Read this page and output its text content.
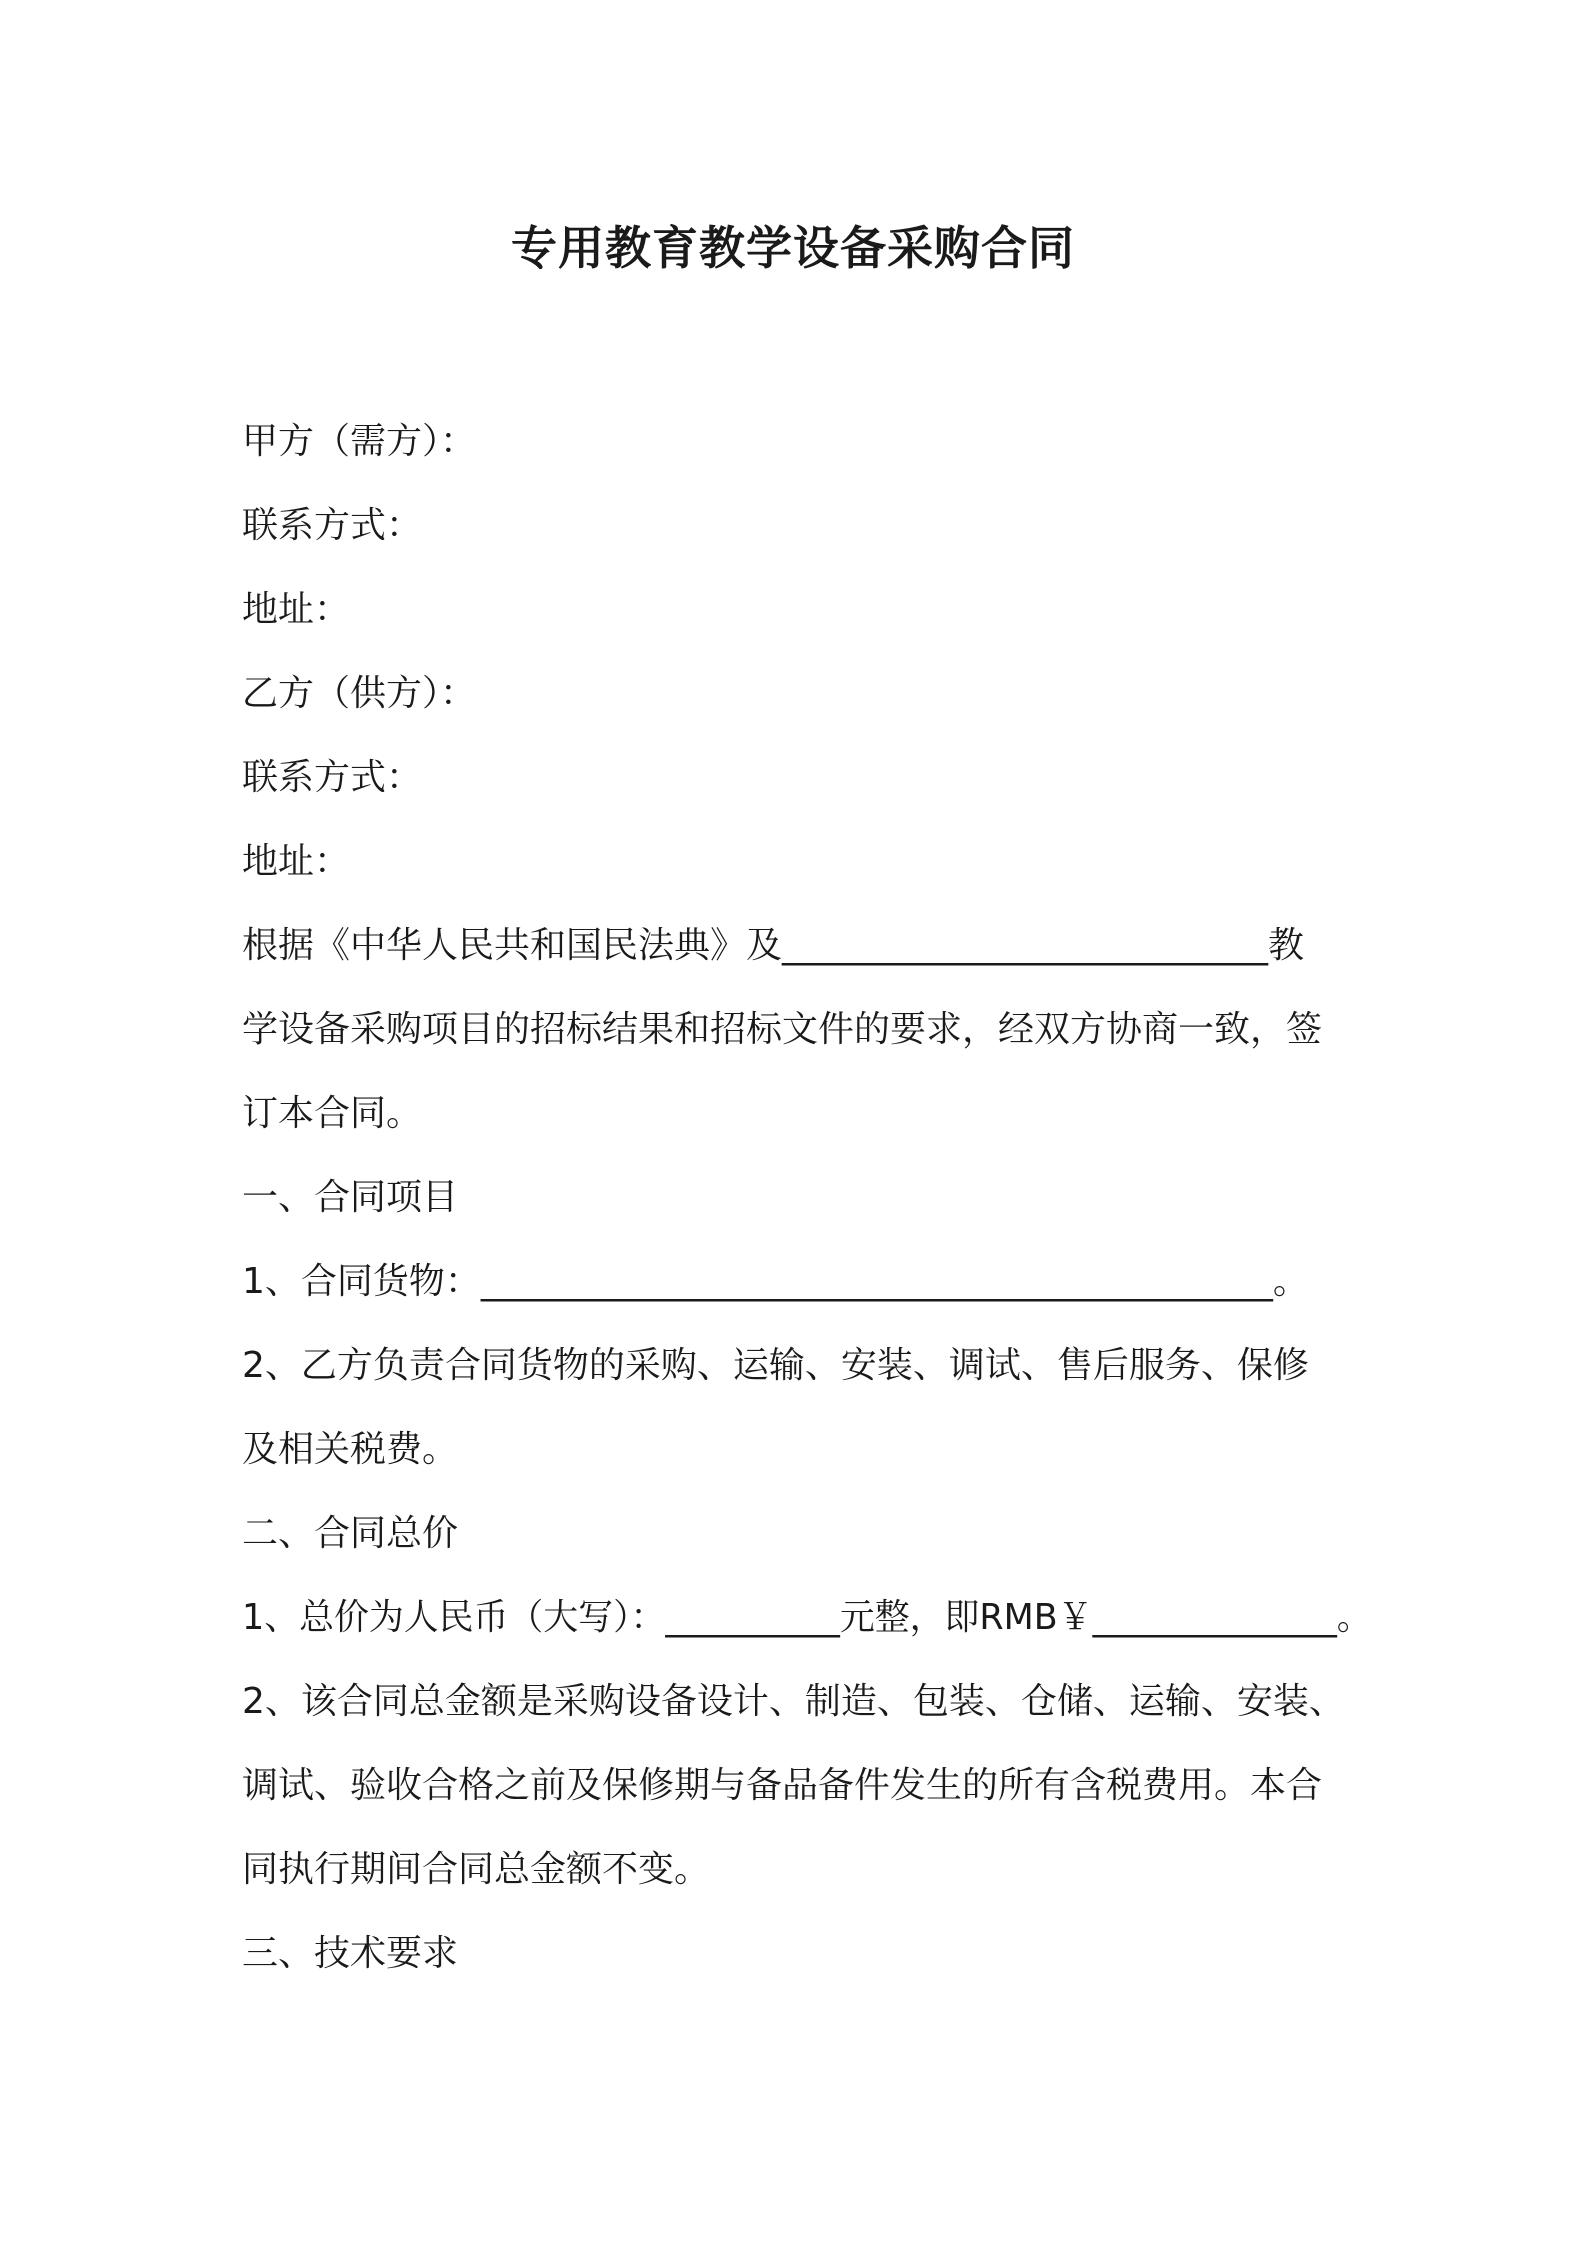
专用教育教学设备采购合同
甲方（需方）：
联系方式：
地址：
乙方（供方）：
联系方式：
地址：
根据《中华人民共和国民法典》及___________________________教
学设备采购项目的招标结果和招标文件的要求，经双方协商一致，签
订本合同。
一、合同项目
1、合同货物：____________________________________________。
2、乙方负责合同货物的采购、运输、安装、调试、售后服务、保修
及相关税费。
二、合同总价
1、总价为人民币（大写）：__________元整，即RMB￥______________。
2、该合同总金额是采购设备设计、制造、包装、仓储、运输、安装、
调试、验收合格之前及保修期与备品备件发生的所有含税费用。本合
同执行期间合同总金额不变。
三、技术要求
